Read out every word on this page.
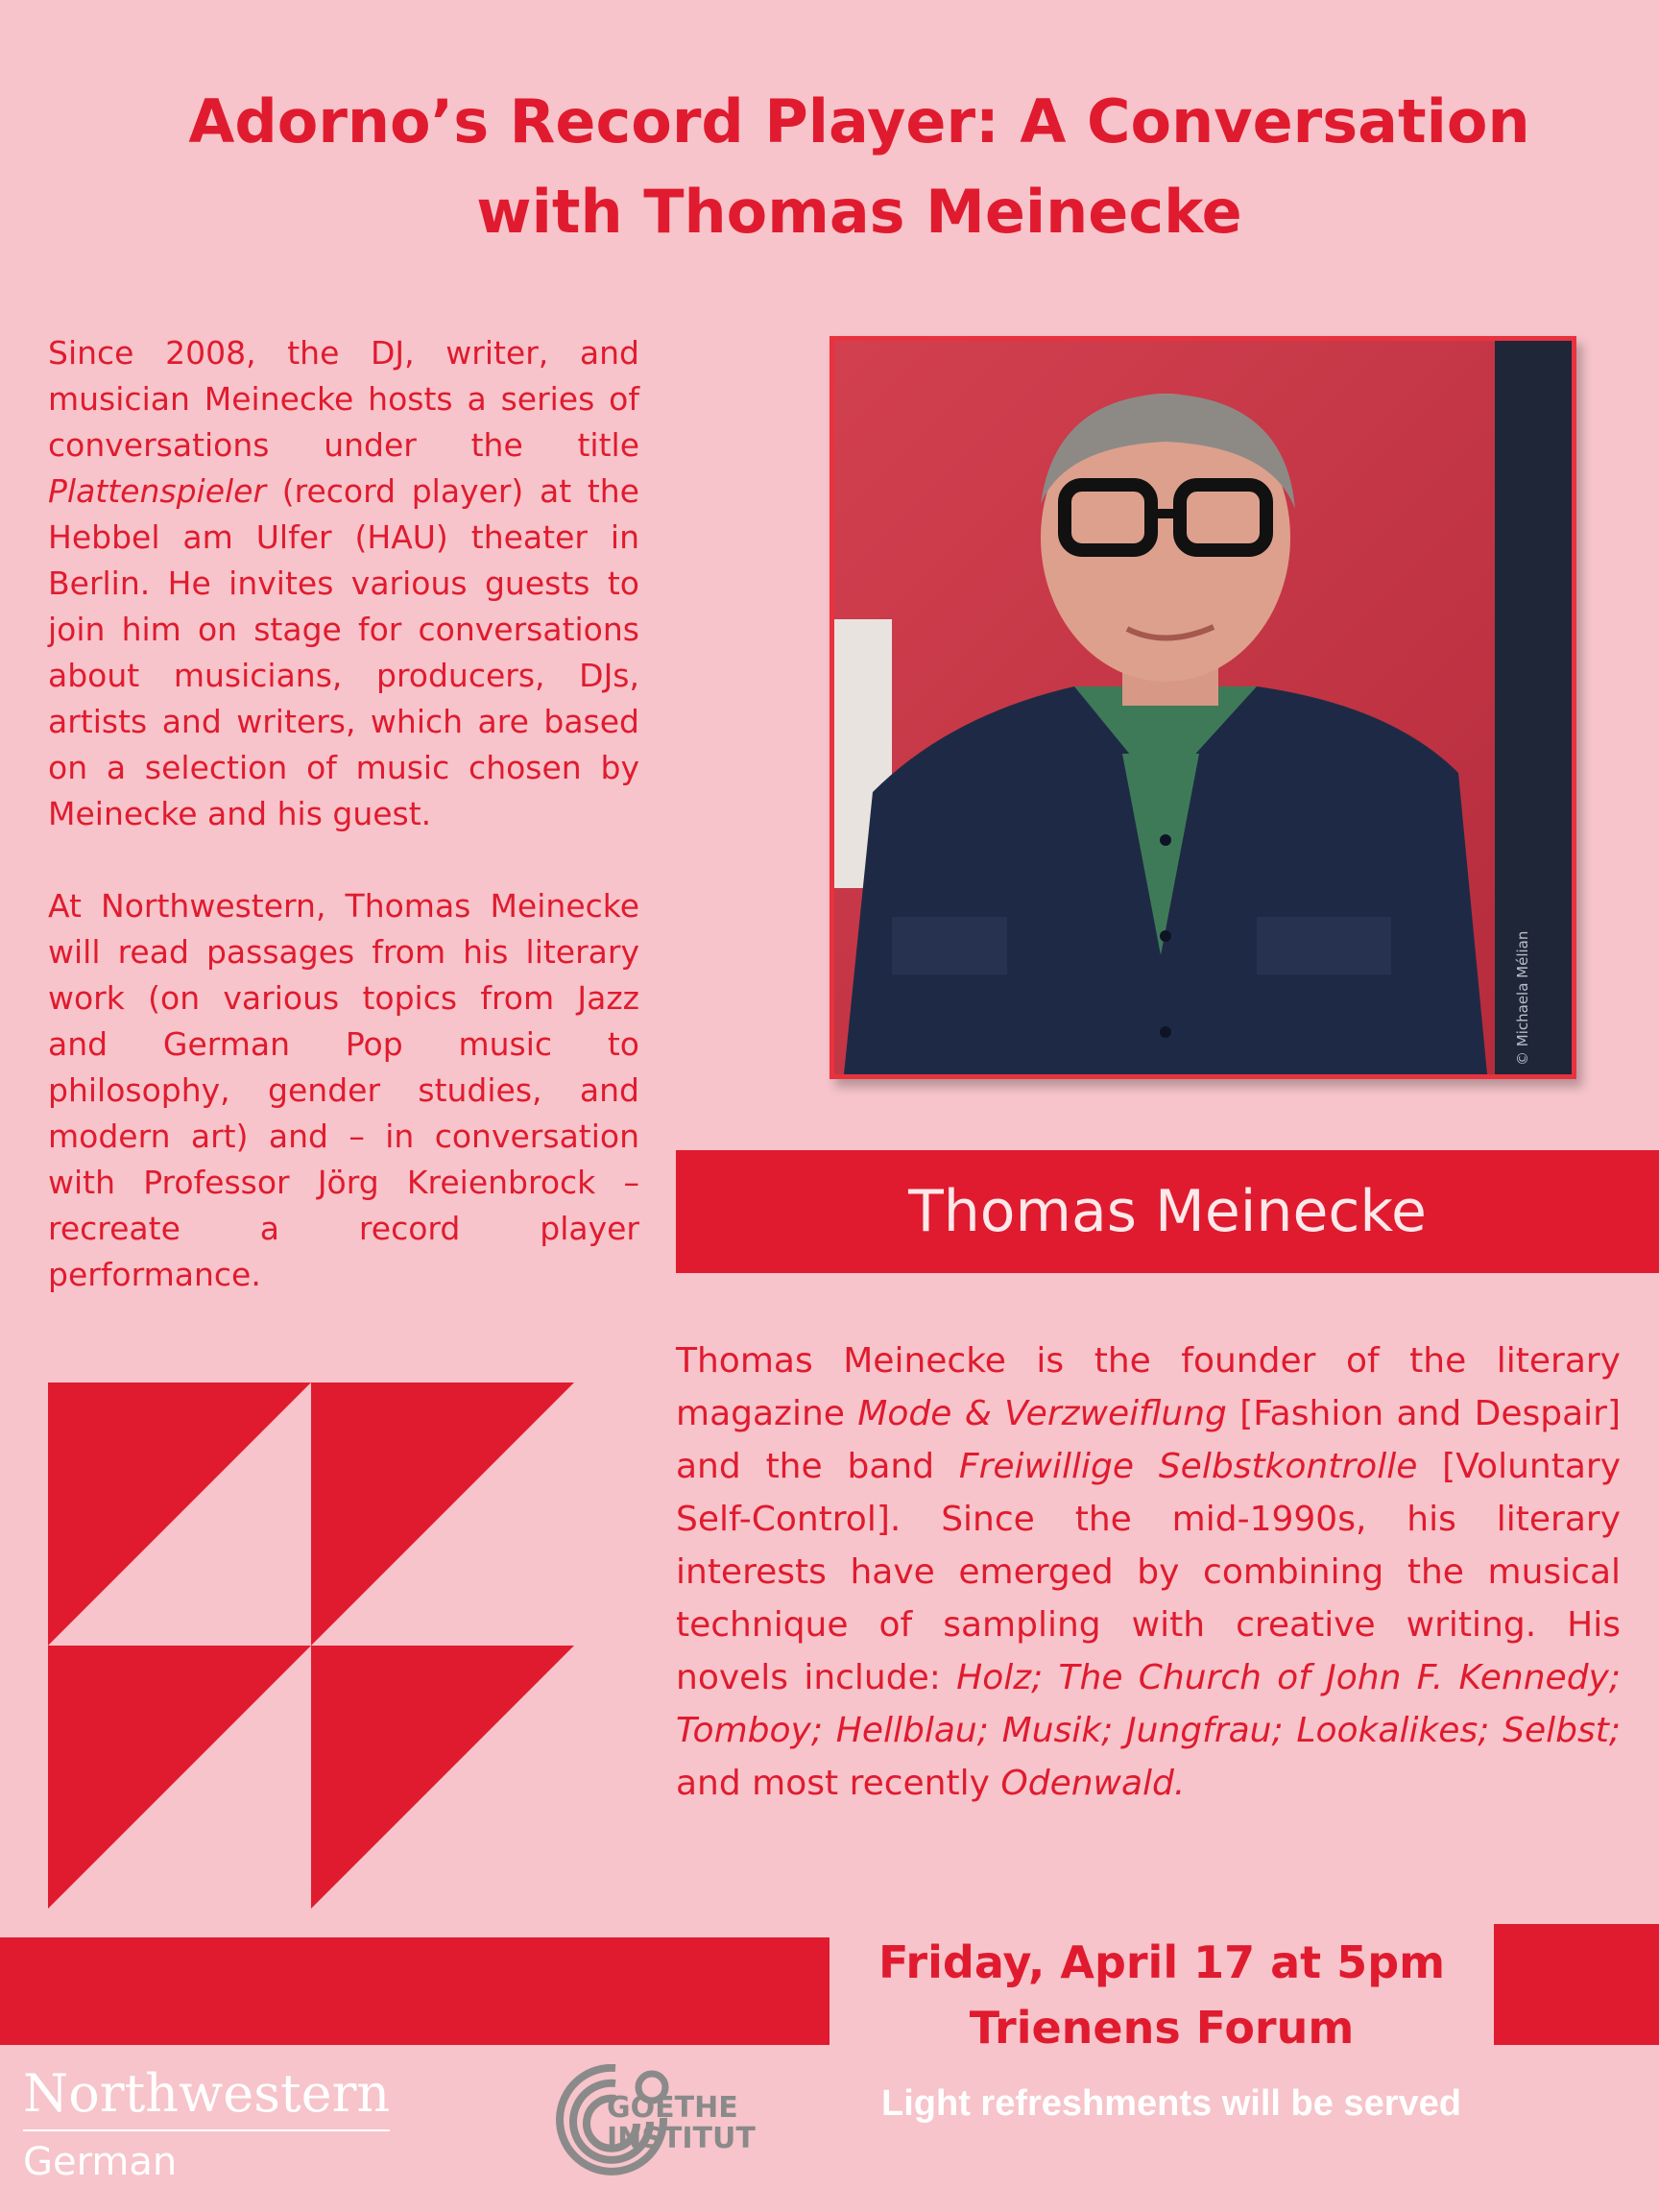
Adorno’s Record Player: A Conversation
with Thomas Meinecke

Since 2008, the DJ, writer, and musician Meinecke hosts a series of conversations under the title Plattenspieler (record player) at the Hebbel am Ulfer (HAU) theater in Berlin. He invites various guests to join him on stage for conversations about musicians, producers, DJs, artists and writers, which are based on a selection of music chosen by Meinecke and his guest.

At Northwestern, Thomas Meinecke will read passages from his literary work (on various topics from Jazz and German Pop music to philosophy, gender studies, and modern art) and – in conversation with Professor Jörg Kreienbrock – recreate a record player performance.

© Michaela Mélian
Thomas Meinecke

Thomas Meinecke is the founder of the literary magazine Mode & Verzweiflung [Fashion and Despair] and the band Freiwillige Selbstkontrolle [Voluntary Self-Control]. Since the mid-1990s, his literary interests have emerged by combining the musical technique of sampling with creative writing. His novels include: Holz; The Church of John F. Kennedy; Tomboy; Hellblau; Musik; Jungfrau; Lookalikes; Selbst; and most recently Odenwald.

Friday, April 17 at 5pm
Trienens Forum
Northwestern
German
GOETHE
INSTITUT
Light refreshments will be served
